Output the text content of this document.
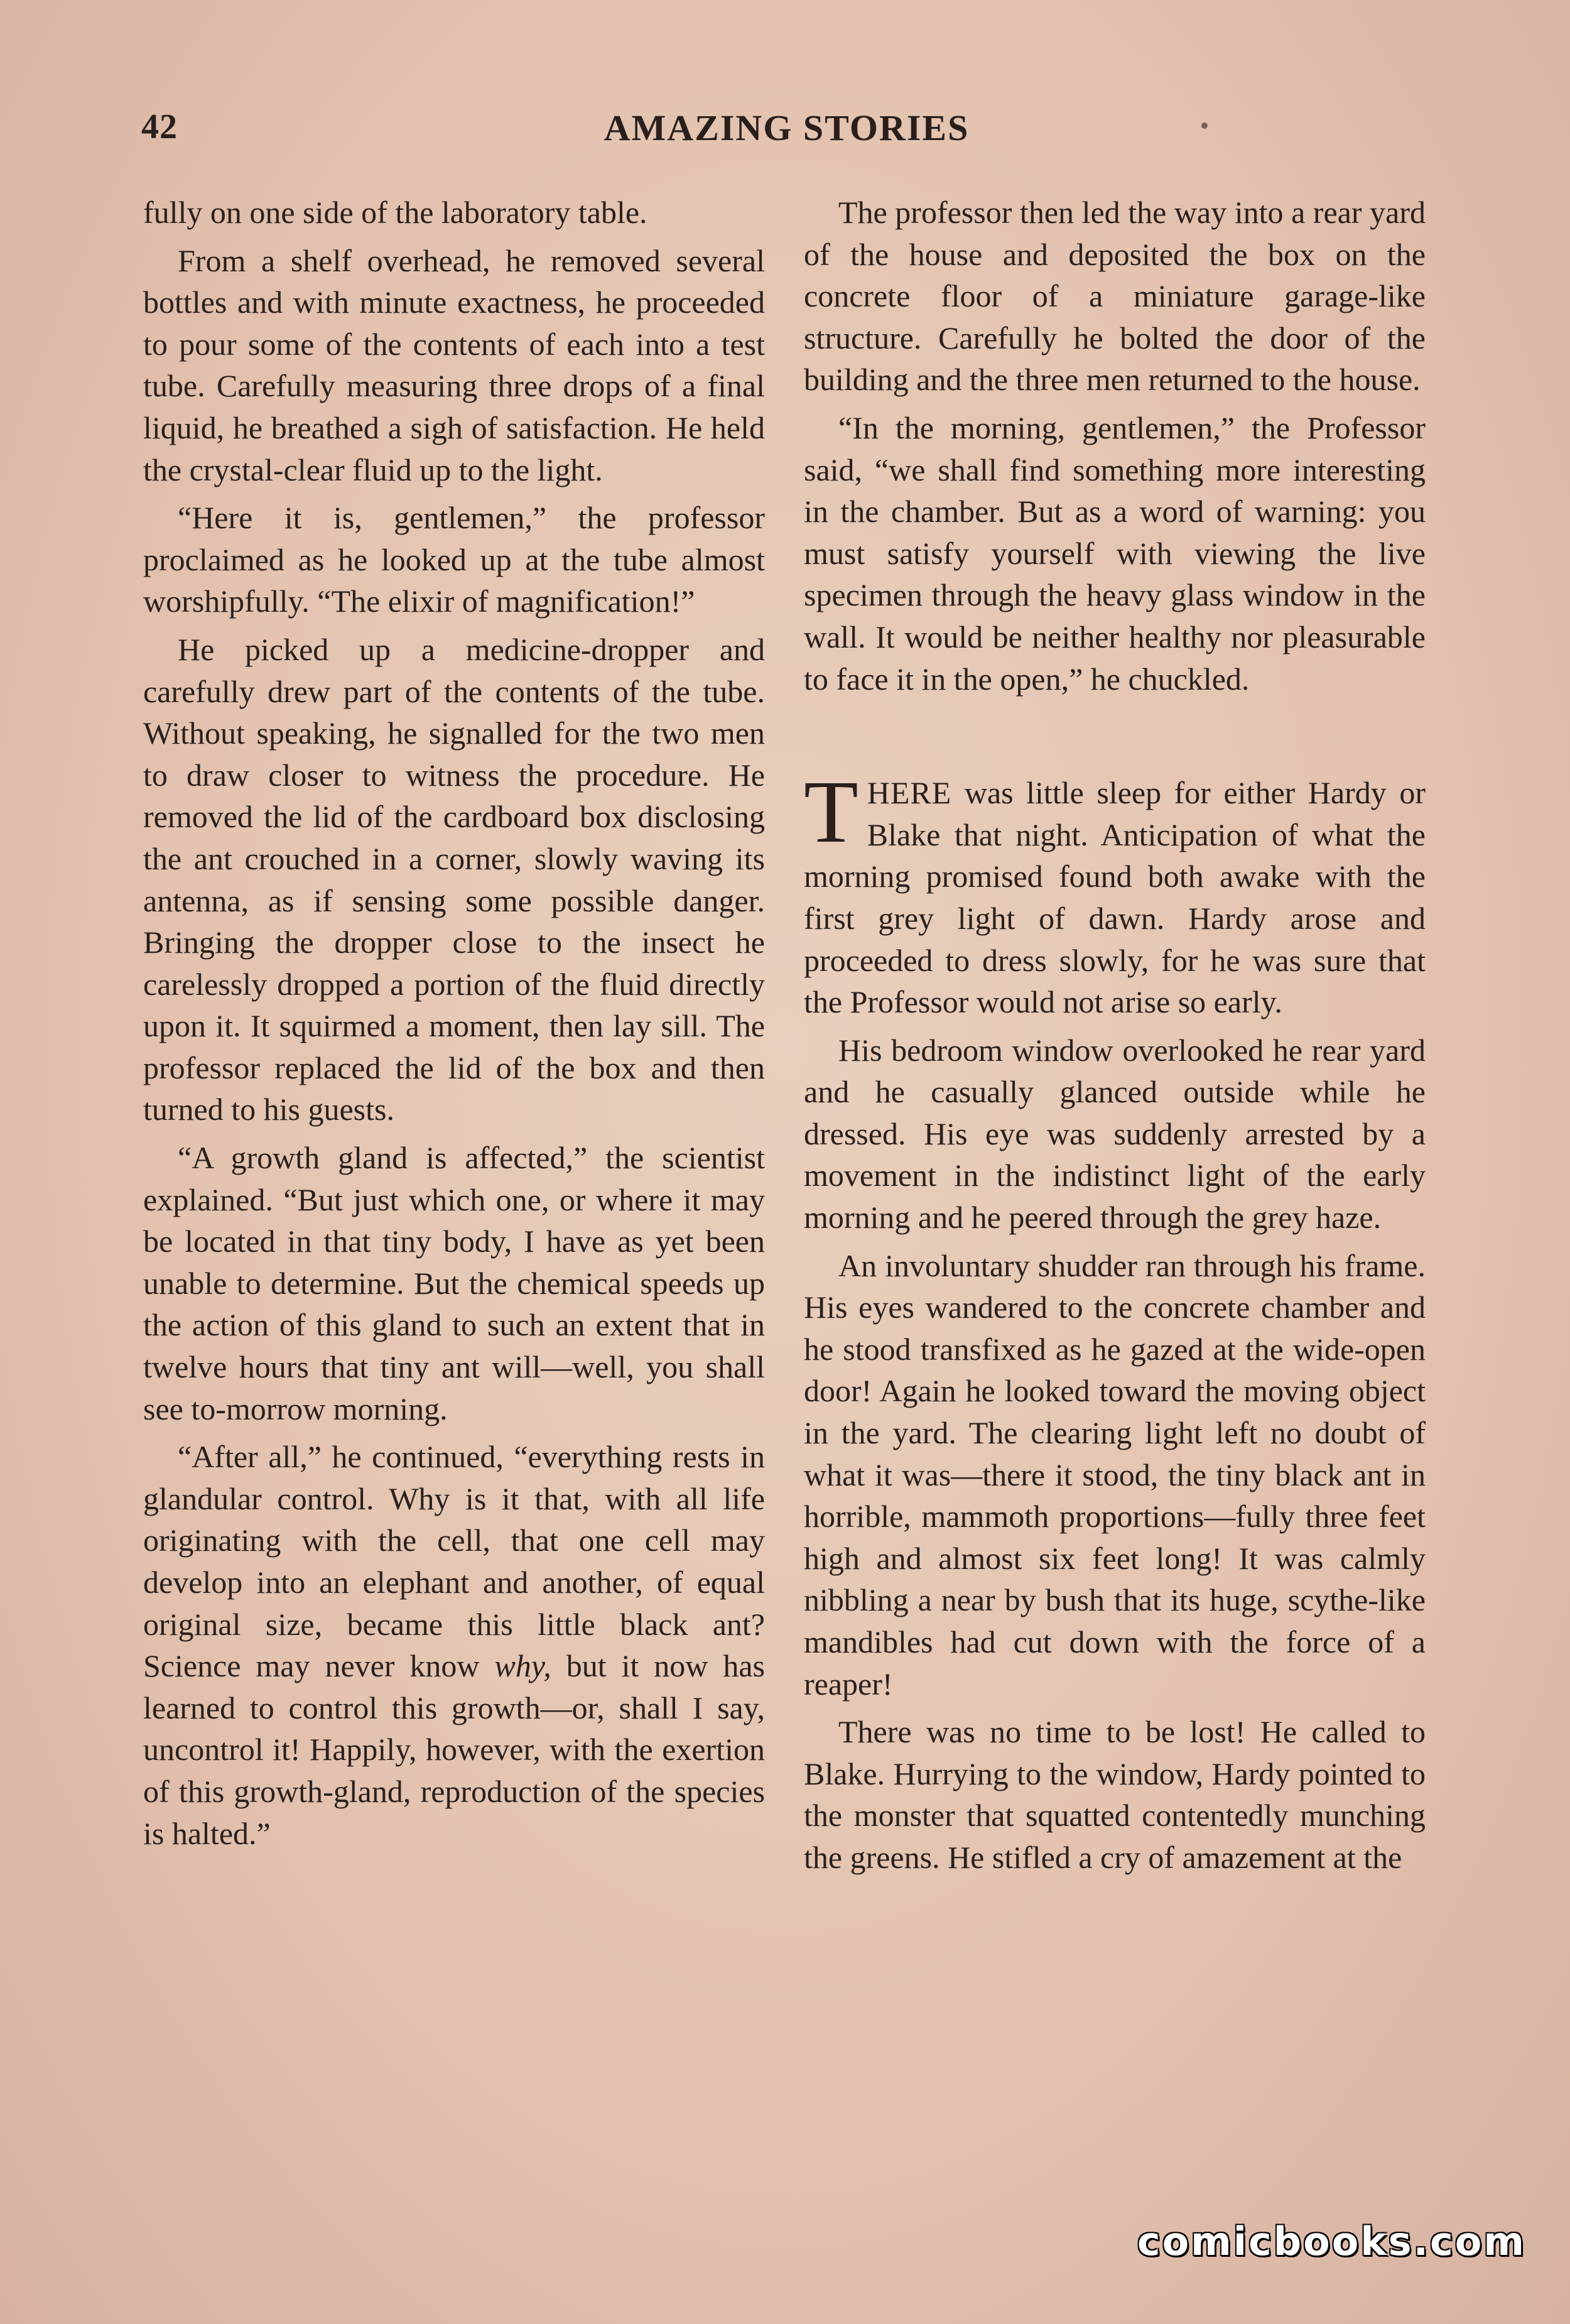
42	AMAZING STORIES

fully on one side of the laboratory table.

From a shelf overhead, he removed several bottles and with minute exactness, he proceeded to pour some of the contents of each into a test tube. Carefully measuring three drops of a final liquid, he breathed a sigh of satisfaction. He held the crystal-clear fluid up to the light.

“Here it is, gentlemen,” the professor proclaimed as he looked up at the tube almost worshipfully. “The elixir of magnification!”

He picked up a medicine-dropper and carefully drew part of the contents of the tube. Without speaking, he signalled for the two men to draw closer to witness the procedure. He removed the lid of the cardboard box disclosing the ant crouched in a corner, slowly waving its antenna, as if sensing some possible danger. Bringing the dropper close to the insect he carelessly dropped a portion of the fluid directly upon it. It squirmed a moment, then lay sill. The professor replaced the lid of the box and then turned to his guests.

“A growth gland is affected,” the scientist explained. “But just which one, or where it may be located in that tiny body, I have as yet been unable to determine. But the chemical speeds up the action of this gland to such an extent that in twelve hours that tiny ant will—well, you shall see to-morrow morning.

“After all,” he continued, “everything rests in glandular control. Why is it that, with all life originating with the cell, that one cell may develop into an elephant and another, of equal original size, became this little black ant? Science may never know why, but it now has learned to control this growth—or, shall I say, uncontrol it! Happily, however, with the exertion of this growth-gland, reproduction of the species is halted.”

The professor then led the way into a rear yard of the house and deposited the box on the concrete floor of a miniature garage-like structure. Carefully he bolted the door of the building and the three men returned to the house.

“In the morning, gentlemen,” the Professor said, “we shall find something more interesting in the chamber. But as a word of warning: you must satisfy yourself with viewing the live specimen through the heavy glass window in the wall. It would be neither healthy nor pleasurable to face it in the open,” he chuckled.

THERE was little sleep for either Hardy or Blake that night. Anticipation of what the morning promised found both awake with the first grey light of dawn. Hardy arose and proceeded to dress slowly, for he was sure that the Professor would not arise so early.

His bedroom window overlooked he rear yard and he casually glanced outside while he dressed. His eye was suddenly arrested by a movement in the indistinct light of the early morning and he peered through the grey haze.

An involuntary shudder ran through his frame. His eyes wandered to the concrete chamber and he stood transfixed as he gazed at the wide-open door! Again he looked toward the moving object in the yard. The clearing light left no doubt of what it was—there it stood, the tiny black ant in horrible, mammoth proportions—fully three feet high and almost six feet long! It was calmly nibbling a near by bush that its huge, scythe-like mandibles had cut down with the force of a reaper!

There was no time to be lost! He called to Blake. Hurrying to the window, Hardy pointed to the monster that squatted contentedly munching the greens. He stifled a cry of amazement at the

comicbooks.com
